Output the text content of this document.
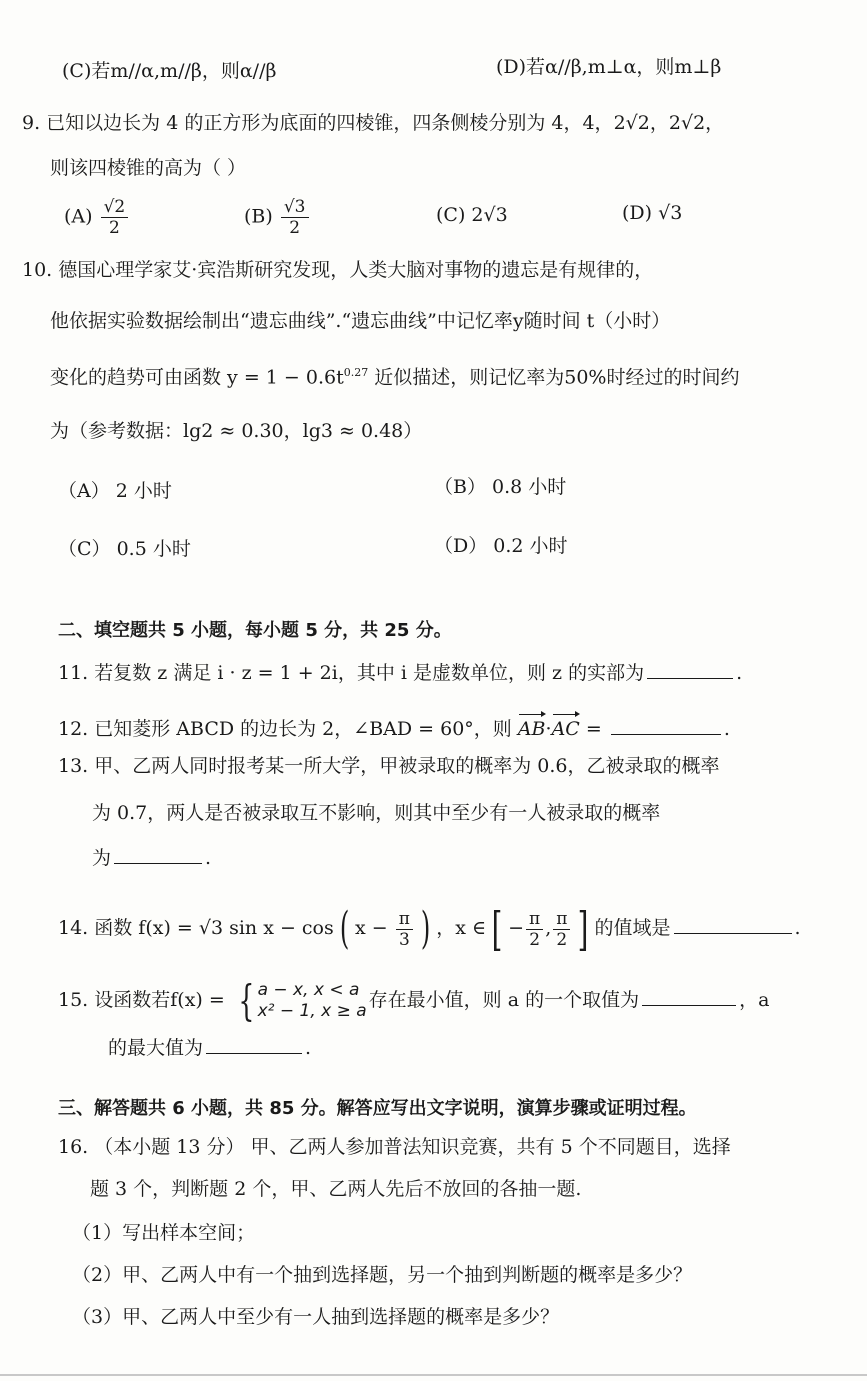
(C)若m//α,m//β，则α//β	(D)若α//β,m⊥α，则m⊥β
9. 已知以边长为 4 的正方形为底面的四棱锥，四条侧棱分别为 4，4，2√2，2√2，
则该四棱锥的高为（ ）
$(A) \frac{√2}{2}$	$(B) \frac{√3}{2}$	(C) 2√3	(D) √3
10. 德国心理学家艾·宾浩斯研究发现，人类大脑对事物的遗忘是有规律的，
他依据实验数据绘制出“遗忘曲线”.“遗忘曲线”中记忆率y随时间 t（小时）
变化的趋势可由函数 $y = 1 - 0.6t^{0.27}$ 近似描述，则记忆率为50%时经过的时间约
为（参考数据：lg2 ≈ 0.30，lg3 ≈ 0.48）
（A） 2 小时	（B） 0.8 小时
（C） 0.5 小时	（D） 0.2 小时
二、填空题共 5 小题，每小题 5 分，共 25 分。
11. 若复数 z 满足 i · z = 1 + 2i，其中 i 是虚数单位，则 z 的实部为	.
12. 已知菱形 ABCD 的边长为 2，∠BAD = 60°，则 AB·AC =	.
13. 甲、乙两人同时报考某一所大学，甲被录取的概率为 0.6，乙被录取的概率
为 0.7，两人是否被录取互不影响，则其中至少有一人被录取的概率
为	.
14. 函数 f(x) = √3 sin x − cos ( $x - \frac{\pi}{3}$ ) ，x ∈ [ − $\frac{\pi}{2}$ , $\frac{\pi}{2}$ ] 的值域是	.
15. 设函数若f(x) = { a − x, x < a
x² − 1, x ≥ a 存在最小值，则 a 的一个取值为	，a
的最大值为	.
三、解答题共 6 小题，共 85 分。解答应写出文字说明，演算步骤或证明过程。
16. （本小题 13 分） 甲、乙两人参加普法知识竞赛，共有 5 个不同题目，选择
题 3 个，判断题 2 个，甲、乙两人先后不放回的各抽一题.
（1）写出样本空间；
（2）甲、乙两人中有一个抽到选择题，另一个抽到判断题的概率是多少？
（3）甲、乙两人中至少有一人抽到选择题的概率是多少？
